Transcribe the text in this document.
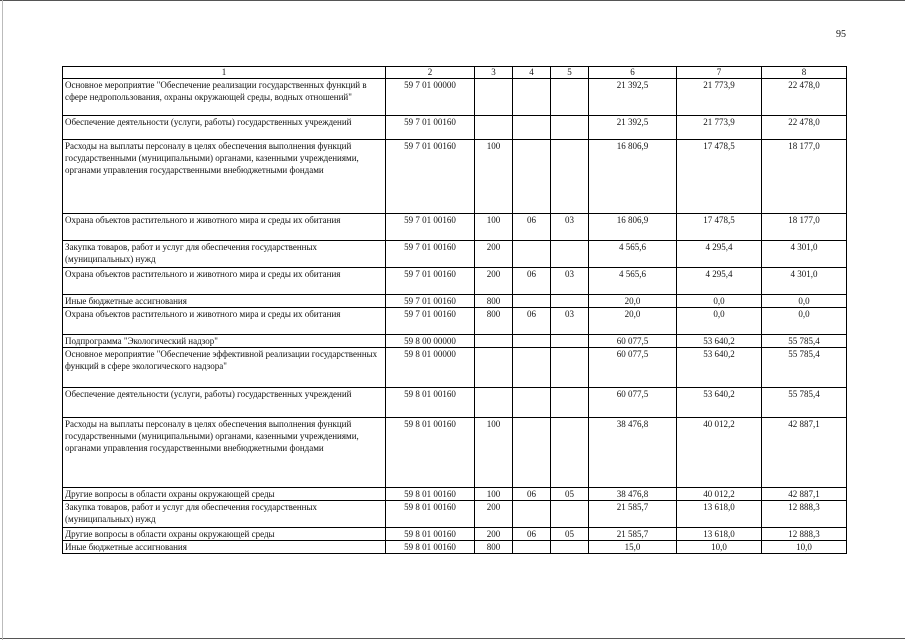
95
1	2	3	4	5	6	7	8
Основное мероприятие "Обеспечение реализации государственных функций в сфере недропользования, охраны окружающей среды, водных отношений"	59 7 01 00000				21 392,5	21 773,9	22 478,0
Обеспечение деятельности (услуги, работы) государственных учреждений	59 7 01 00160				21 392,5	21 773,9	22 478,0
Расходы на выплаты персоналу в целях обеспечения выполнения функций государственными (муниципальными) органами, казенными учреждениями, органами управления государственными внебюджетными фондами	59 7 01 00160	100			16 806,9	17 478,5	18 177,0
Охрана объектов растительного и животного мира и среды их обитания	59 7 01 00160	100	06	03	16 806,9	17 478,5	18 177,0
Закупка товаров, работ и услуг для обеспечения государственных (муниципальных) нужд	59 7 01 00160	200			4 565,6	4 295,4	4 301,0
Охрана объектов растительного и животного мира и среды их обитания	59 7 01 00160	200	06	03	4 565,6	4 295,4	4 301,0
Иные бюджетные ассигнования	59 7 01 00160	800			20,0	0,0	0,0
Охрана объектов растительного и животного мира и среды их обитания	59 7 01 00160	800	06	03	20,0	0,0	0,0
Подпрограмма "Экологический надзор"	59 8 00 00000				60 077,5	53 640,2	55 785,4
Основное мероприятие "Обеспечение эффективной реализации государственных функций в сфере экологического надзора"	59 8 01 00000				60 077,5	53 640,2	55 785,4
Обеспечение деятельности (услуги, работы) государственных учреждений	59 8 01 00160				60 077,5	53 640,2	55 785,4
Расходы на выплаты персоналу в целях обеспечения выполнения функций государственными (муниципальными) органами, казенными учреждениями, органами управления государственными внебюджетными фондами	59 8 01 00160	100			38 476,8	40 012,2	42 887,1
Другие вопросы в области охраны окружающей среды	59 8 01 00160	100	06	05	38 476,8	40 012,2	42 887,1
Закупка товаров, работ и услуг для обеспечения государственных (муниципальных) нужд	59 8 01 00160	200			21 585,7	13 618,0	12 888,3
Другие вопросы в области охраны окружающей среды	59 8 01 00160	200	06	05	21 585,7	13 618,0	12 888,3
Иные бюджетные ассигнования	59 8 01 00160	800			15,0	10,0	10,0
